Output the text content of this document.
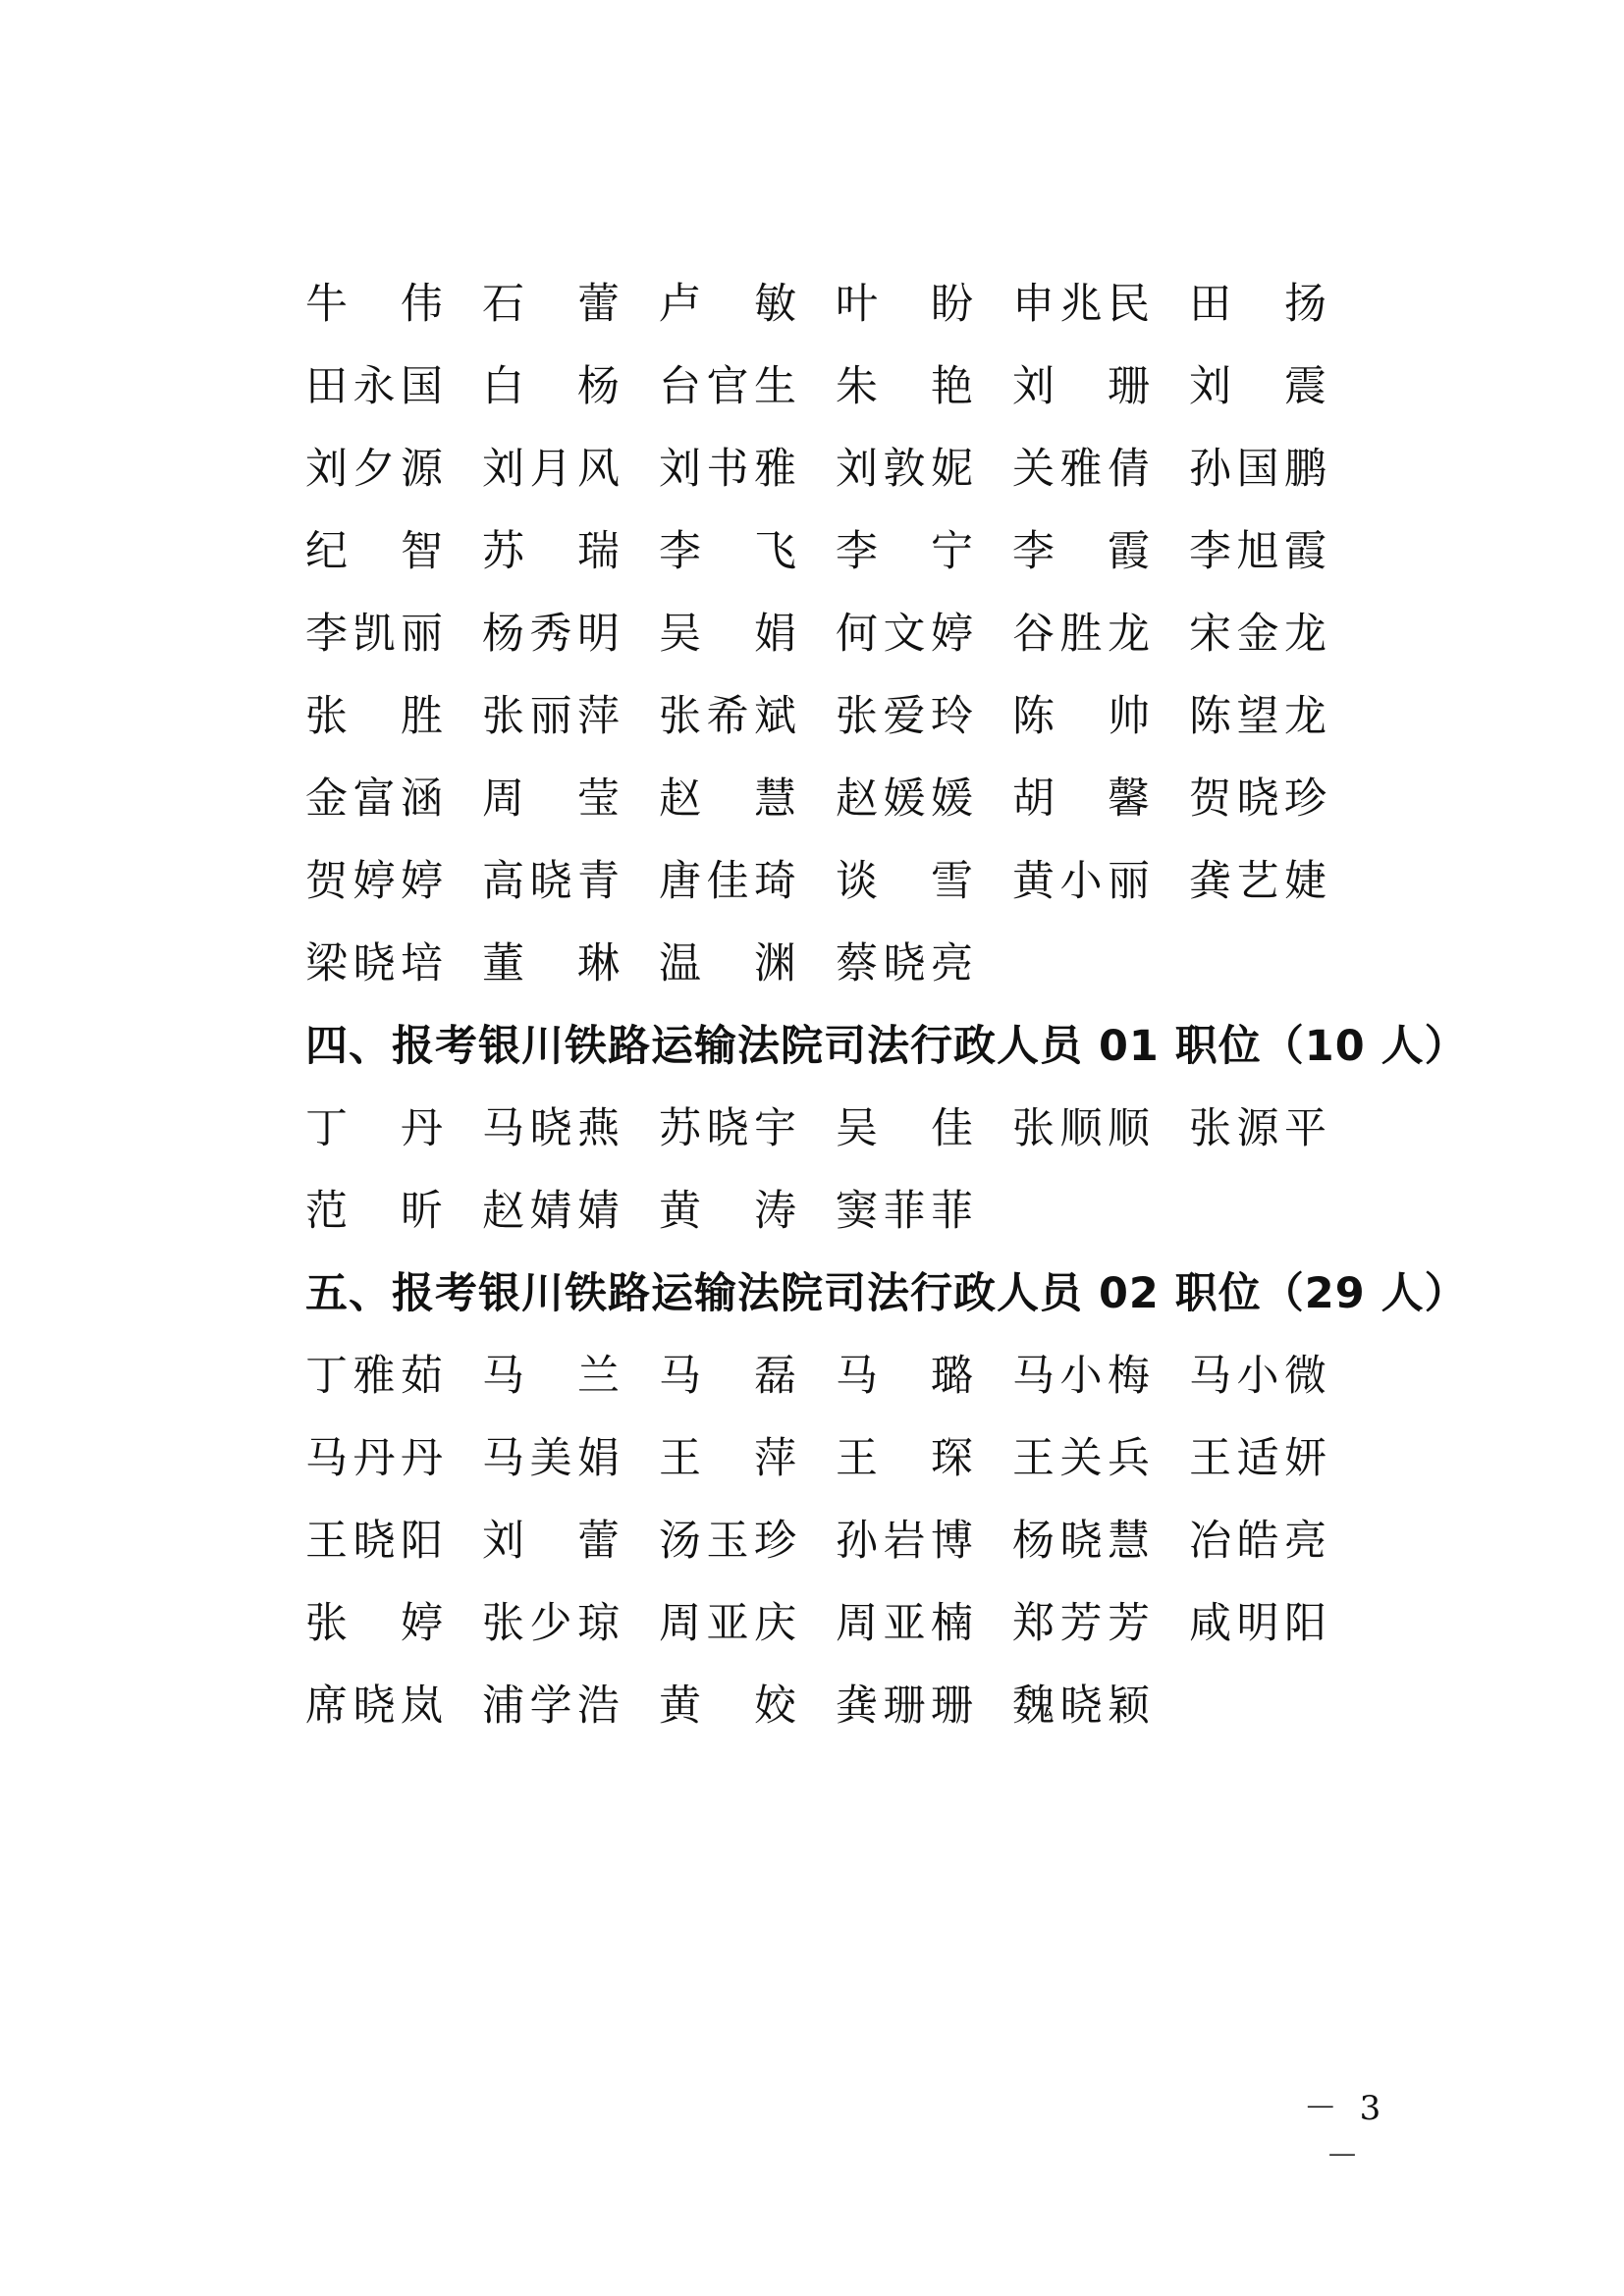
牛 伟 石 蕾 卢 敏 叶 盼 申 兆 民 田 扬
田 永 国 白 杨 台 官 生 朱 艳 刘 珊 刘 震
刘 夕 源 刘 月 风 刘 书 雅 刘 敦 妮 关 雅 倩 孙 国 鹏
纪 智 苏 瑞 李 飞 李 宁 李 霞 李 旭 霞
李 凯 丽 杨 秀 明 吴 娟 何 文 婷 谷 胜 龙 宋 金 龙
张 胜 张 丽 萍 张 希 斌 张 爱 玲 陈 帅 陈 望 龙
金 富 涵 周 莹 赵 慧 赵 媛 媛 胡 馨 贺 晓 珍
贺 婷 婷 高 晓 青 唐 佳 琦 谈 雪 黄 小 丽 龚 艺 婕
梁 晓 培 董 琳 温 渊 蔡 晓 亮
四、报考银川铁路运输法院司法行政人员 01 职位（10 人）
丁 丹 马 晓 燕 苏 晓 宇 吴 佳 张 顺 顺 张 源 平
范 昕 赵 婧 婧 黄 涛 窦 菲 菲
五、报考银川铁路运输法院司法行政人员 02 职位（29 人）
丁 雅 茹 马 兰 马 磊 马 璐 马 小 梅 马 小 微
马 丹 丹 马 美 娟 王 萍 王 琛 王 关 兵 王 适 妍
王 晓 阳 刘 蕾 汤 玉 珍 孙 岩 博 杨 晓 慧 冶 皓 亮
张 婷 张 少 琼 周 亚 庆 周 亚 楠 郑 芳 芳 咸 明 阳
席 晓 岚 浦 学 浩 黄 姣 龚 珊 珊 魏 晓 颖
－ 3 －
